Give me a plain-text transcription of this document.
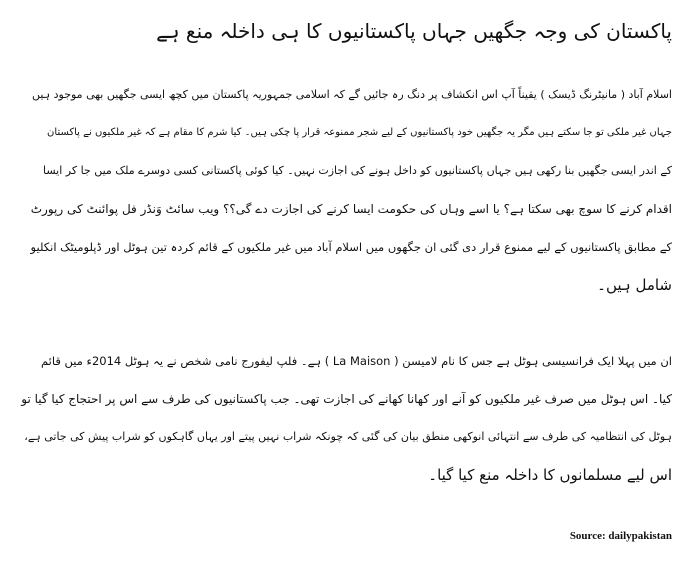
پاکستان کی وجہ جگھیں جہاں پاکستانیوں کا ہی داخلہ منع ہے
اسلام آباد ( مانیٹرنگ ڈیسک ) یقیناً آپ اس انکشاف پر دنگ رہ جائیں گے کہ اسلامی جمہوریہ پاکستان میں کچھ ایسی جگھیں بھی موجود ہیں
جہاں غیر ملکی تو جا سکتے ہیں مگر یہ جگھیں خود پاکستانیوں کے لیے شجر ممنوعہ قرار پا چکی ہیں۔ کیا شرم کا مقام ہے کہ غیر ملکیوں نے پاکستان
کے اندر ایسی جگھیں بنا رکھی ہیں جہاں پاکستانیوں کو داخل ہونے کی اجازت نہیں۔ کیا کوئی پاکستانی کسی دوسرے ملک میں جا کر ایسا
اقدام کرنے کا سوچ بھی سکتا ہے؟ یا اسے وہاں کی حکومت ایسا کرنے کی اجازت دے گی؟؟ ویب سائٹ وَنڈر فل پوائنٹ کی رپورٹ
کے مطابق پاکستانیوں کے لیے ممنوع قرار دی گئی ان جگھوں میں اسلام آباد میں غیر ملکیوں کے قائم کردہ تین ہوٹل اور ڈپلومیٹک انکلیو
شامل ہیں۔
ان میں پہلا ایک فرانسیسی ہوٹل ہے جس کا نام لامیسن ( La Maison ) ہے۔ فلپ لیفورج نامی شخص نے یہ ہوٹل 2014ء میں قائم
کیا۔ اس ہوٹل میں صرف غیر ملکیوں کو آنے اور کھانا کھانے کی اجازت تھی۔ جب پاکستانیوں کی طرف سے اس پر احتجاج کیا گیا تو
ہوٹل کی انتظامیہ کی طرف سے انتہائی انوکھی منطق بیان کی گئی کہ چونکہ شراب نہیں پیتے اور یہاں گاہکوں کو شراب پیش کی جاتی ہے،
اس لیے مسلمانوں کا داخلہ منع کیا گیا۔
Source: dailypakistan
